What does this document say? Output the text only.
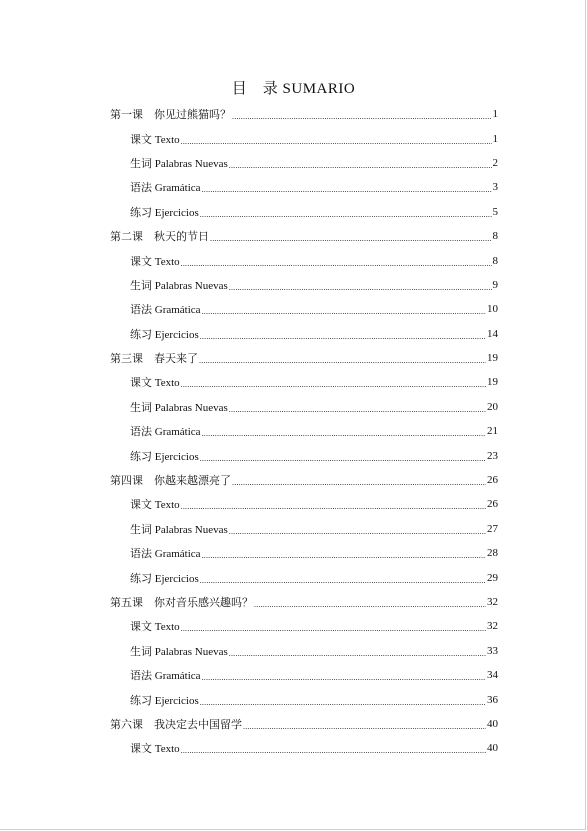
目　录 SUMARIO
第一课　你见过熊猫吗？ .....	1
课文 Texto .....	1
生词 Palabras Nuevas .....	2
语法 Gramática .....	3
练习 Ejercicios .....	5
第二课　秋天的节日 .....	8
课文 Texto .....	8
生词 Palabras Nuevas .....	9
语法 Gramática .....	10
练习 Ejercicios .....	14
第三课　春天来了 .....	19
课文 Texto .....	19
生词 Palabras Nuevas .....	20
语法 Gramática .....	21
练习 Ejercicios .....	23
第四课　你越来越漂亮了 .....	26
课文 Texto .....	26
生词 Palabras Nuevas .....	27
语法 Gramática .....	28
练习 Ejercicios .....	29
第五课　你对音乐感兴趣吗？ .....	32
课文 Texto .....	32
生词 Palabras Nuevas .....	33
语法 Gramática .....	34
练习 Ejercicios .....	36
第六课　我决定去中国留学 .....	40
课文 Texto .....	40
